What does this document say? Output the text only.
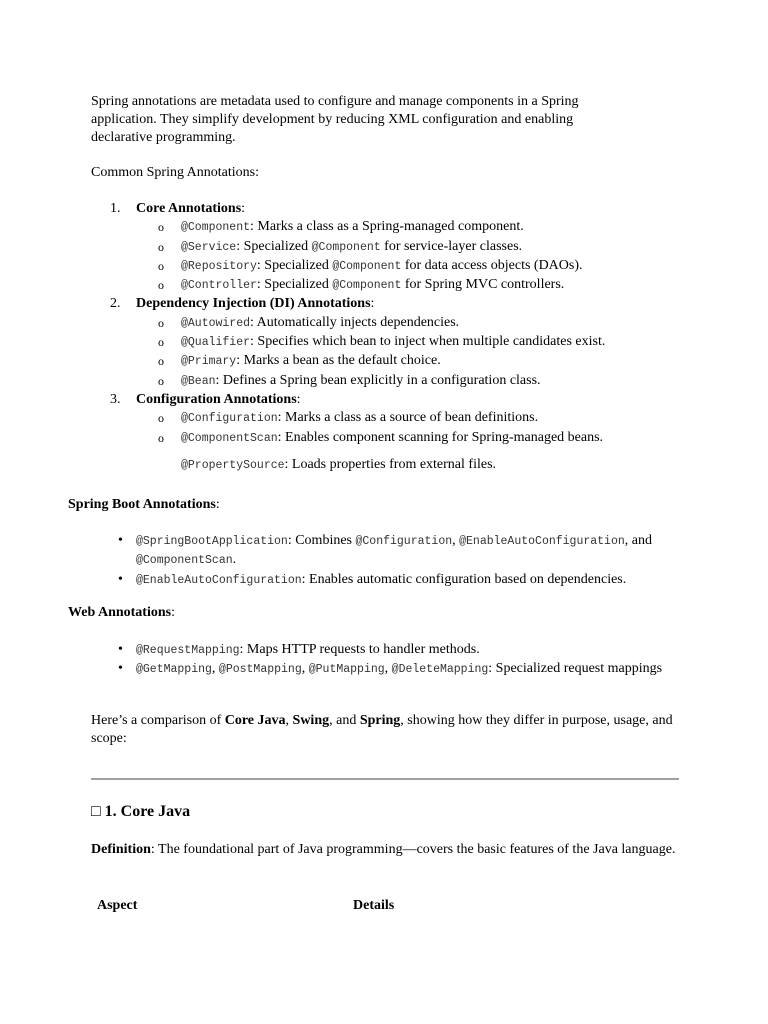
Spring annotations are metadata used to configure and manage components in a Spring application. They simplify development by reducing XML configuration and enabling declarative programming.

Common Spring Annotations:

1. Core Annotations:
o @Component: Marks a class as a Spring-managed component.
o @Service: Specialized @Component for service-layer classes.
o @Repository: Specialized @Component for data access objects (DAOs).
o @Controller: Specialized @Component for Spring MVC controllers.
2. Dependency Injection (DI) Annotations:
o @Autowired: Automatically injects dependencies.
o @Qualifier: Specifies which bean to inject when multiple candidates exist.
o @Primary: Marks a bean as the default choice.
o @Bean: Defines a Spring bean explicitly in a configuration class.
3. Configuration Annotations:
o @Configuration: Marks a class as a source of bean definitions.
o @ComponentScan: Enables component scanning for Spring-managed beans.

@PropertySource: Loads properties from external files.

Spring Boot Annotations:

• @SpringBootApplication: Combines @Configuration, @EnableAutoConfiguration, and @ComponentScan.
• @EnableAutoConfiguration: Enables automatic configuration based on dependencies.

Web Annotations:

• @RequestMapping: Maps HTTP requests to handler methods.
• @GetMapping, @PostMapping, @PutMapping, @DeleteMapping: Specialized request mappings

Here’s a comparison of Core Java, Swing, and Spring, showing how they differ in purpose, usage, and scope:

□ 1. Core Java

Definition: The foundational part of Java programming—covers the basic features of the Java language.

Aspect	Details
